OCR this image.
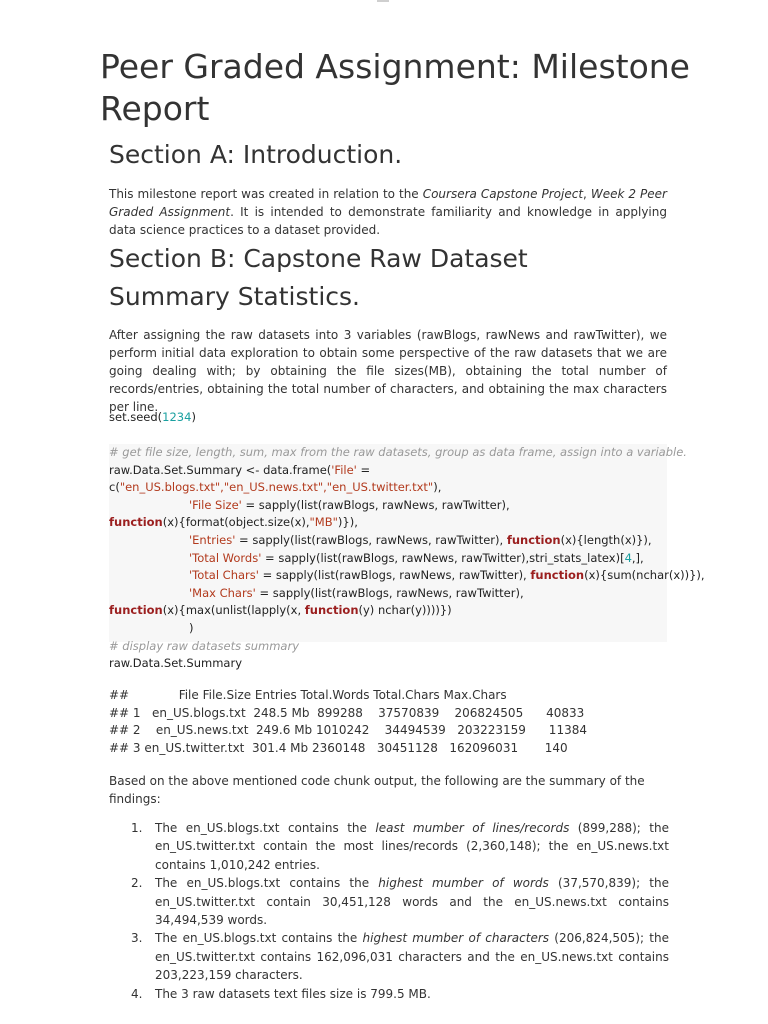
Peer Graded Assignment: Milestone Report
Section A: Introduction.

This milestone report was created in relation to the Coursera Capstone Project, Week 2 Peer Graded Assignment. It is intended to demonstrate familiarity and knowledge in applying data science practices to a dataset provided.

Section B: Capstone Raw Dataset Summary Statistics.

After assigning the raw datasets into 3 variables (rawBlogs, rawNews and rawTwitter), we perform initial data exploration to obtain some perspective of the raw datasets that we are going dealing with; by obtaining the file sizes(MB), obtaining the total number of records/entries, obtaining the total number of characters, and obtaining the max characters per line.

set.seed(1234)
# get file size, length, sum, max from the raw datasets, group as data frame, assign into a variable.
raw.Data.Set.Summary <- data.frame('File' =
c("en_US.blogs.txt","en_US.news.txt","en_US.twitter.txt"),
'File Size' = sapply(list(rawBlogs, rawNews, rawTwitter),
function(x){format(object.size(x),"MB")}),
'Entries' = sapply(list(rawBlogs, rawNews, rawTwitter), function(x){length(x)}),
'Total Words' = sapply(list(rawBlogs, rawNews, rawTwitter),stri_stats_latex)[4,],
'Total Chars' = sapply(list(rawBlogs, rawNews, rawTwitter), function(x){sum(nchar(x))}),
'Max Chars' = sapply(list(rawBlogs, rawNews, rawTwitter),
function(x){max(unlist(lapply(x, function(y) nchar(y))))})
)
# display raw datasets summary
raw.Data.Set.Summary
##             File File.Size Entries Total.Words Total.Chars Max.Chars
## 1   en_US.blogs.txt  248.5 Mb  899288    37570839    206824505      40833
## 2    en_US.news.txt  249.6 Mb 1010242    34494539   203223159      11384
## 3 en_US.twitter.txt  301.4 Mb 2360148   30451128   162096031       140

Based on the above mentioned code chunk output, the following are the summary of the findings:

1. The en_US.blogs.txt contains the least mumber of lines/records (899,288); the en_US.twitter.txt contain the most lines/records (2,360,148); the en_US.news.txt contains 1,010,242 entries.
2. The en_US.blogs.txt contains the highest mumber of words (37,570,839); the en_US.twitter.txt contain 30,451,128 words and the en_US.news.txt contains 34,494,539 words.
3. The en_US.blogs.txt contains the highest mumber of characters (206,824,505); the en_US.twitter.txt contains 162,096,031 characters and the en_US.news.txt contains 203,223,159 characters.
4. The 3 raw datasets text files size is 799.5 MB.
